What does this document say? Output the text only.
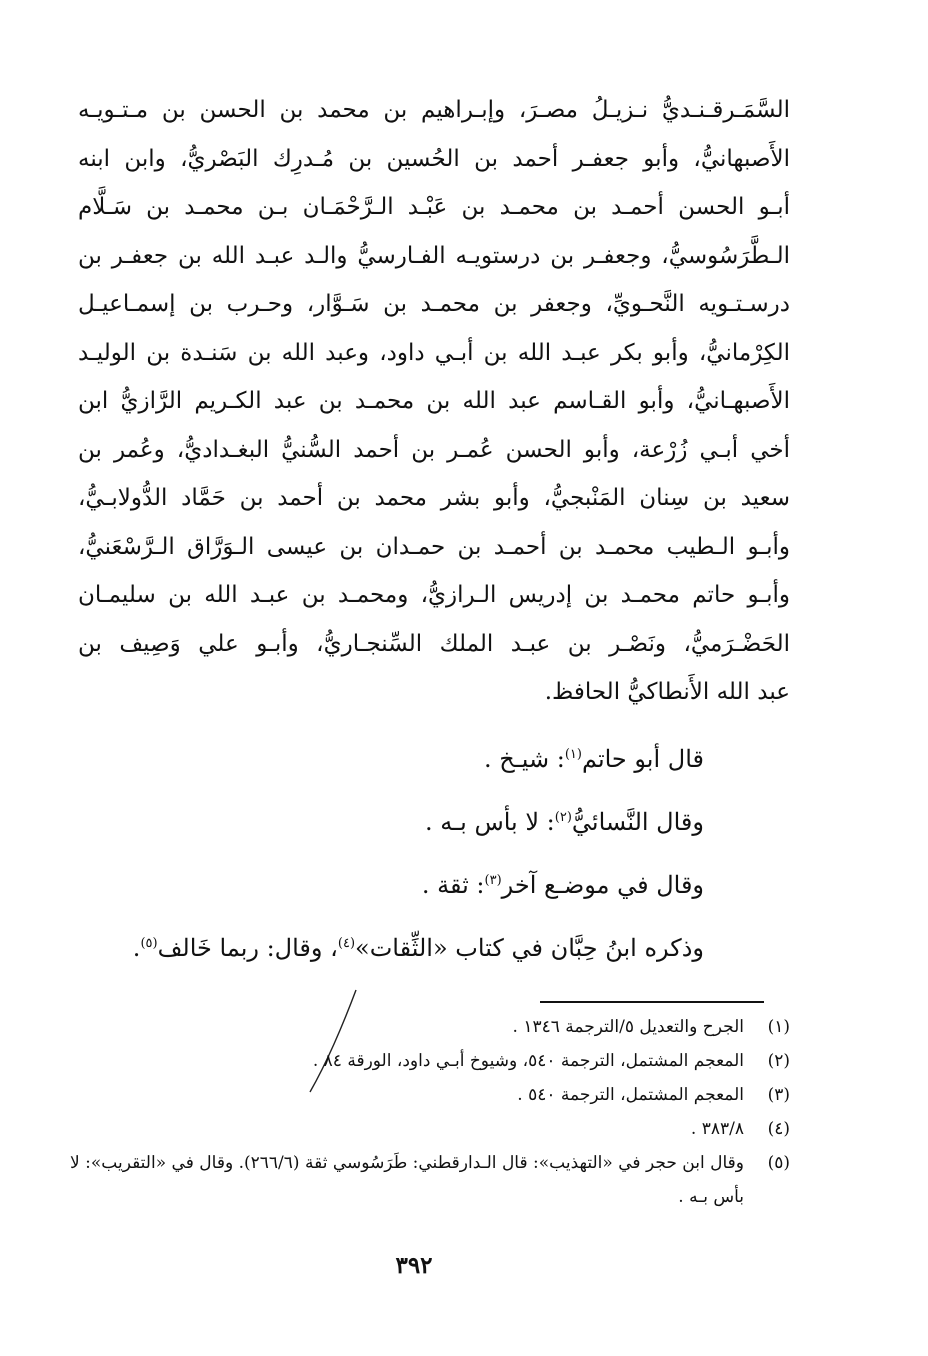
السَّمَـرقـنـديُّ نـزيـلُ مصـرَ، وإبـراهيم بن محمد بن الحسن بن مـتـويـه
الأَصبهانيُّ، وأبو جعفـر أحمد بن الحُسين بن مُـدرِك البَصْريُّ، وابن ابنه
أبـو الحسن أحمـد بن محمـد بن عَبْـد الـرَّحْمَـان بـن محمـد بن سَـلَّام
الـطَّرَسُوسيُّ، وجعفـر بن درستويـه الفـارسيُّ والـد عبـد الله بن جعفـر بن
درسـتـويه النَّحـويِّ، وجعفر بن محمـد بن سَـوَّار، وحـرب بن إسمـاعيـل
الكِرْمانيُّ، وأبو بكر عبـد الله بن أبـي داود، وعبد الله بن سَنـدة بن الوليـد
الأَصبهـانيُّ، وأبو القـاسم عبد الله بن محمـد بن عبد الكـريم الرَّازيُّ ابن
أخي أبـي زُرْعة، وأبو الحسن عُمـر بن أحمد السُّنيُّ البغـداديُّ، وعُمر بن
سعيد بن سِنان المَنْبجيُّ، وأبو بشر محمد بن أحمد بن حَمَّاد الدُّولابـيُّ،
وأبـو الـطيب محمـد بن أحمـد بن حمـدان بن عيسى الـوَرَّاق الـرَّسْعَنيُّ،
وأبـو حاتم محمـد بن إدريس الـرازيُّ، ومحمـد بن عبـد الله بن سليمـان
الحَضْـرَميُّ، ونَصْـر بن عبـد الملك السِّنجـاريُّ، وأبـو علي وَصِيف بن
عبد الله الأَنطاكيُّ الحافظ.
قال أبو حاتم$^{(١)}$: شيـخ .
وقال النَّسائيُّ$^{(٢)}$: لا بأس بـه .
وقال في موضـع آخر$^{(٣)}$: ثقة .
وذكره ابنُ حِبَّان في كتاب «الثِّقات»$^{(٤)}$، وقال: ربما خَالف$^{(٥)}$.
(١)
الجرح والتعديل ٥/الترجمة ١٣٤٦ .
(٢)
المعجم المشتمل، الترجمة ٥٤٠، وشيوخ أبـي داود، الورقة ٨٤ .
(٣)
المعجم المشتمل، الترجمة ٥٤٠ .
(٤)
٣٨٣/٨ .
(٥)
وقال ابن حجر في «التهذيب»: قال الـدارقطني: طَرَسُوسي ثقة (٢٦٦/٦). وقال في «التقريب»: لا بأس بـه .
٣٩٢
